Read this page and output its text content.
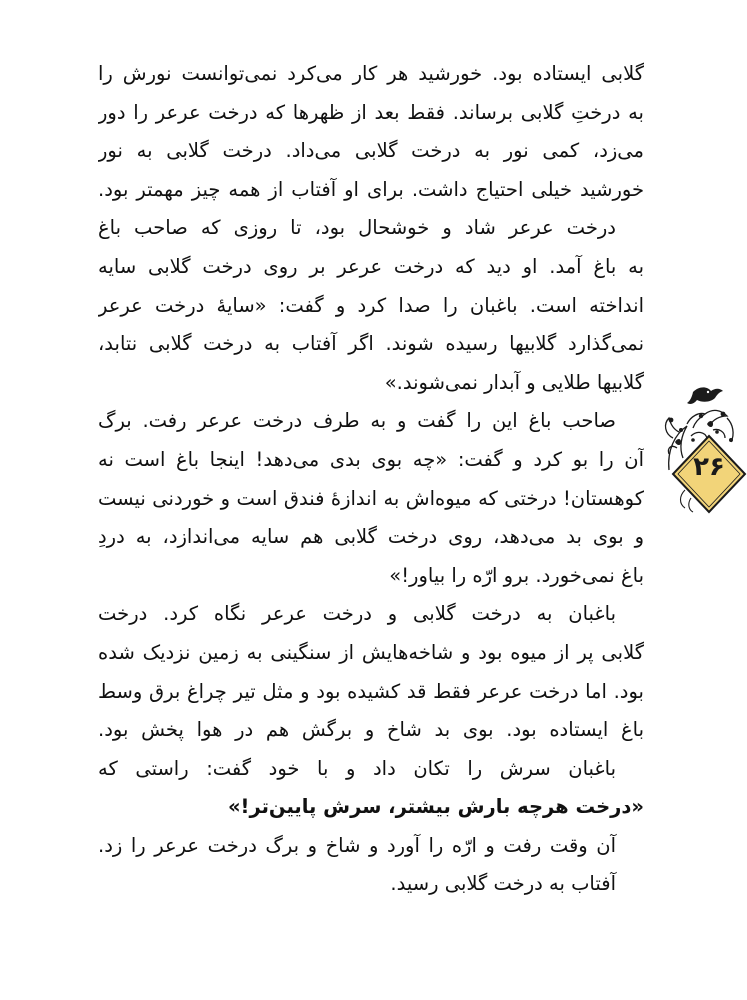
گلابی ایستاده بود. خورشید هر کار می‌کرد نمی‌توانست نورش را
به درختِ گلابی برساند. فقط بعد از ظهرها که درخت عرعر را دور
می‌زد، کمی نور به درخت گلابی می‌داد. درخت گلابی به نور
خورشید خیلی احتیاج داشت. برای او آفتاب از همه چیز مهمتر بود.
درخت عرعر شاد و خوشحال بود، تا روزی که صاحب باغ
به باغ آمد. او دید که درخت عرعر بر روی درخت گلابی سایه
انداخته است. باغبان را صدا کرد و گفت: «سایهٔ درخت عرعر
نمی‌گذارد گلابیها رسیده شوند. اگر آفتاب به درخت گلابی نتابد،
گلابیها طلایی و آبدار نمی‌شوند.»
صاحب باغ این را گفت و به طرف درخت عرعر رفت. برگ
آن را بو کرد و گفت: «چه بوی بدی می‌دهد! اینجا باغ است نه
کوهستان! درختی که میوه‌اش به اندازهٔ فندق است و خوردنی نیست
و بوی بد می‌دهد، روی درخت گلابی هم سایه می‌اندازد، به دردِ
باغ نمی‌خورد. برو ارّه را بیاور!»
باغبان به درخت گلابی و درخت عرعر نگاه کرد. درخت
گلابی پر از میوه بود و شاخه‌هایش از سنگینی به زمین نزدیک شده
بود. اما درخت عرعر فقط قد کشیده بود و مثل تیر چراغ برق وسط
باغ ایستاده بود. بوی بد شاخ و برگش هم در هوا پخش بود.
باغبان سرش را تکان داد و با خود گفت: راستی که
«درخت هرچه بارش بیشتر، سرش پایین‌تر!»
آن وقت رفت و ارّه را آورد و شاخ و برگ درخت عرعر را زد.
آفتاب به درخت گلابی رسید.
۲۶
